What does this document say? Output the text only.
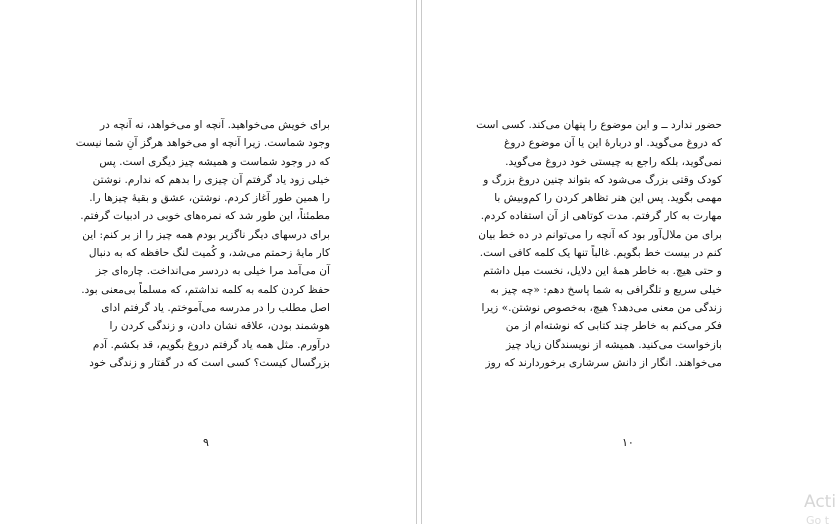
برای خویش می‌خواهید. آنچه او می‌خواهد، نه آنچه در
وجود شماست. زیرا آنچه او می‌خواهد هرگز آنِ شما نیست
که در وجود شماست و همیشه چیز دیگری است. پس
خیلی زود یاد گرفتم آن چیزی را بدهم که ندارم. نوشتن
را همین طور آغاز کردم. نوشتن، عشق و بقیهٔ چیزها را.
مطمئناً، این طور شد که نمره‌های خوبی در ادبیات گرفتم.
برای درسهای دیگر ناگزیر بودم همه چیز را از بر کنم: این
کار مایهٔ زحمتم می‌شد، و کُمیت لنگ حافظه که به دنبال
آن می‌آمد مرا خیلی به دردسر می‌انداخت. چاره‌ای جز
حفظ کردن کلمه به کلمه نداشتم، که مسلماً بی‌معنی بود.
اصل مطلب را در مدرسه می‌آموختم. یاد گرفتم ادای
هوشمند بودن، علاقه نشان دادن، و زندگی کردن را
درآورم. مثل همه یاد گرفتم دروغ بگویم، قد بکشم. آدم
بزرگسال کیست؟ کسی است که در گفتار و زندگی خود
۹
حضور ندارد ــ و این موضوع را پنهان می‌کند. کسی است
که دروغ می‌گوید. او دربارهٔ این یا آن موضوع دروغ
نمی‌گوید، بلکه راجع به چیستی خود دروغ می‌گوید.
کودک وقتی بزرگ می‌شود که بتواند چنین دروغ بزرگ و
مهمی بگوید. پس این هنر تظاهر کردن را کم‌وبیش با
مهارت به کار گرفتم. مدت کوتاهی از آن استفاده کردم.
برای من ملال‌آور بود که آنچه را می‌توانم در ده خط بیان
کنم در بیست خط بگویم. غالباً تنها یک کلمه کافی است.
و حتی هیچ. به خاطر همهٔ این دلایل، نخست میل داشتم
خیلی سریع و تلگرافی به شما پاسخ دهم: «چه چیز به
زندگی من معنی می‌دهد؟ هیچ، به‌خصوص نوشتن.» زیرا
فکر می‌کنم به خاطر چند کتابی که نوشته‌ام از من
بازخواست می‌کنید. همیشه از نویسندگان زیاد چیز
می‌خواهند. انگار از دانش سرشاری برخوردارند که روز
۱۰
Acti
Go t
